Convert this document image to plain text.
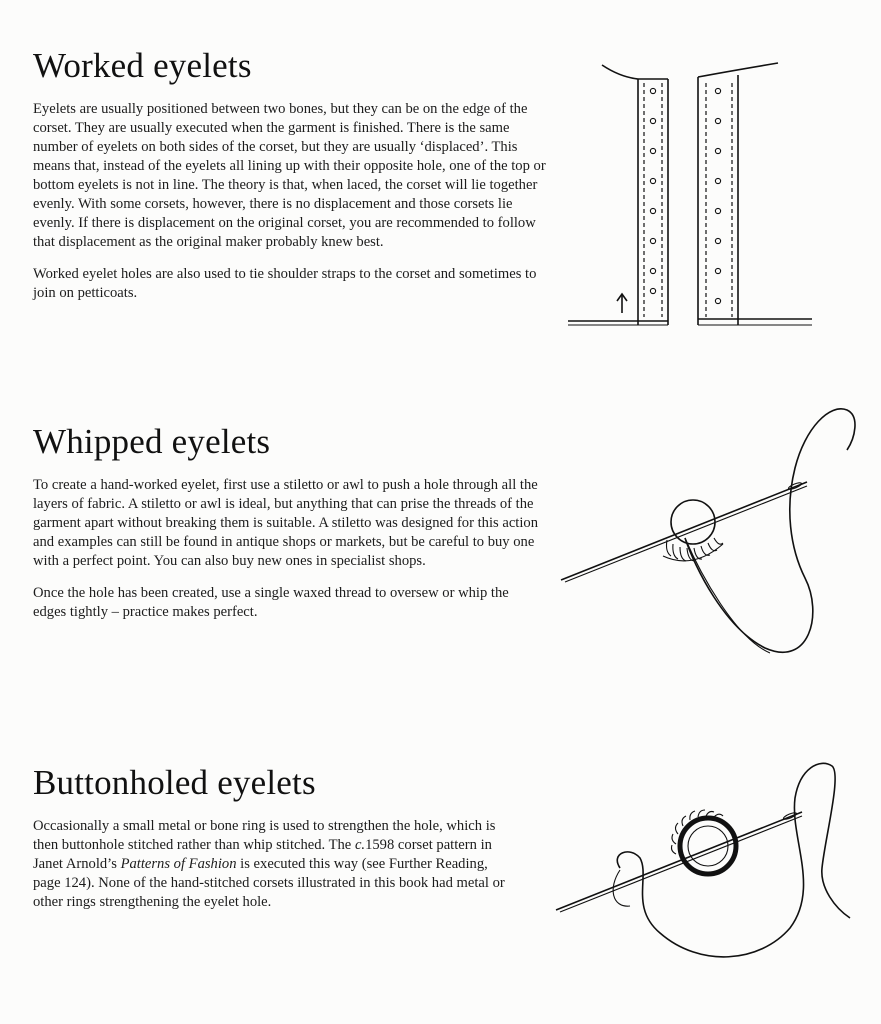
Worked eyelets

Eyelets are usually positioned between two bones, but they can be on the edge of the corset. They are usually executed when the garment is finished. There is the same number of eyelets on both sides of the corset, but they are usually ‘displaced’. This means that, instead of the eyelets all lining up with their opposite hole, one of the top or bottom eyelets is not in line. The theory is that, when laced, the corset will lie together evenly. With some corsets, however, there is no displacement and those corsets lie evenly. If there is displacement on the original corset, you are recommended to follow that displacement as the original maker probably knew best.

Worked eyelet holes are also used to tie shoulder straps to the corset and sometimes to join on petticoats.

Whipped eyelets

To create a hand-worked eyelet, first use a stiletto or awl to push a hole through all the layers of fabric. A stiletto or awl is ideal, but anything that can prise the threads of the garment apart without breaking them is suitable. A stiletto was designed for this action and examples can still be found in antique shops or markets, but be careful to buy one with a perfect point. You can also buy new ones in specialist shops.

Once the hole has been created, use a single waxed thread to oversew or whip the edges tightly – practice makes perfect.

Buttonholed eyelets

Occasionally a small metal or bone ring is used to strengthen the hole, which is then buttonhole stitched rather than whip stitched. The c.1598 corset pattern in Janet Arnold’s Patterns of Fashion is executed this way (see Further Reading, page 124). None of the hand-stitched corsets illustrated in this book had metal or other rings strengthening the eyelet hole.
